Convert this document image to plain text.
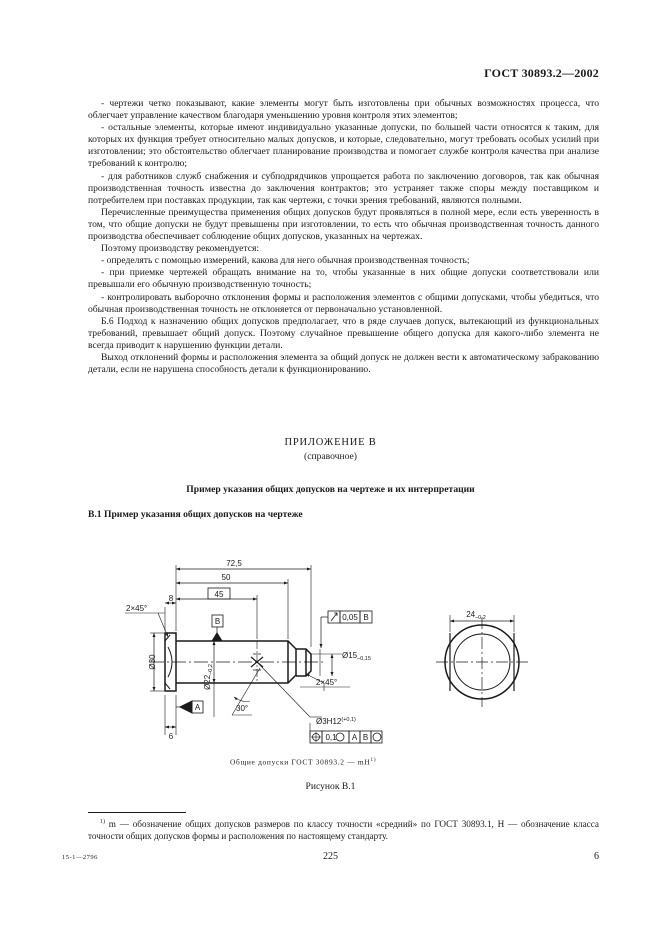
ГОСТ 30893.2—2002

- чертежи четко показывают, какие элементы могут быть изготовлены при обычных возможностях процесса, что облегчает управление качеством благодаря уменьшению уровня контроля этих элементов;

- остальные элементы, которые имеют индивидуально указанные допуски, по большей части относятся к таким, для которых их функция требует относительно малых допусков, и которые, следовательно, могут требовать особых усилий при изготовлении; это обстоятельство облегчает планирование производства и помогает службе контроля качества при анализе требований к контролю;

- для работников служб снабжения и субподрядчиков упрощается работа по заключению договоров, так как обычная производственная точность известна до заключения контрактов; это устраняет также споры между поставщиком и потребителем при поставках продукции, так как чертежи, с точки зрения требований, являются полными.

Перечисленные преимущества применения общих допусков будут проявляться в полной мере, если есть уверенность в том, что общие допуски не будут превышены при изготовлении, то есть что обычная производственная точность данного производства обеспечивает соблюдение общих допусков, указанных на чертежах.

Поэтому производству рекомендуется:

- определять с помощью измерений, какова для него обычная производственная точность;

- при приемке чертежей обращать внимание на то, чтобы указанные в них общие допуски соответствовали или превышали его обычную производственную точность;

- контролировать выборочно отклонения формы и расположения элементов с общими допусками, чтобы убедиться, что обычная производственная точность не отклоняется от первоначально установленной.

Б.6 Подход к назначению общих допусков предполагает, что в ряде случаев допуск, вытекающий из функциональных требований, превышает общий допуск. Поэтому случайное превышение общего допуска для какого-либо элемента не всегда приводит к нарушению функции детали.

Выход отклонений формы и расположения элемента за общий допуск не должен вести к автоматическому забракованию детали, если не нарушена способность детали к функционированию.

ПРИЛОЖЕНИЕ В
(справочное)
Пример указания общих допусков на чертеже и их интерпретации
В.1 Пример указания общих допусков на чертеже
72,5
50
45
8
6
2×45°
2×45°
Ø30
$Ø22_{-0,2}$
$Ø15_{-0,15}$
$Ø3H12^{(+0,1)}$
30°
A
B	0,05 B
0,1 A B
$24_{-0,2}$
Общие допуски ГОСТ 30893.2 — $mH^{1)}$
Рисунок В.1
$^{1)}$ m — обозначение общих допусков размеров по классу точности «средний» по ГОСТ 30893.1, H — обозначение класса точности общих допусков формы и расположения по настоящему стандарту.
15-1—2796	225	6
